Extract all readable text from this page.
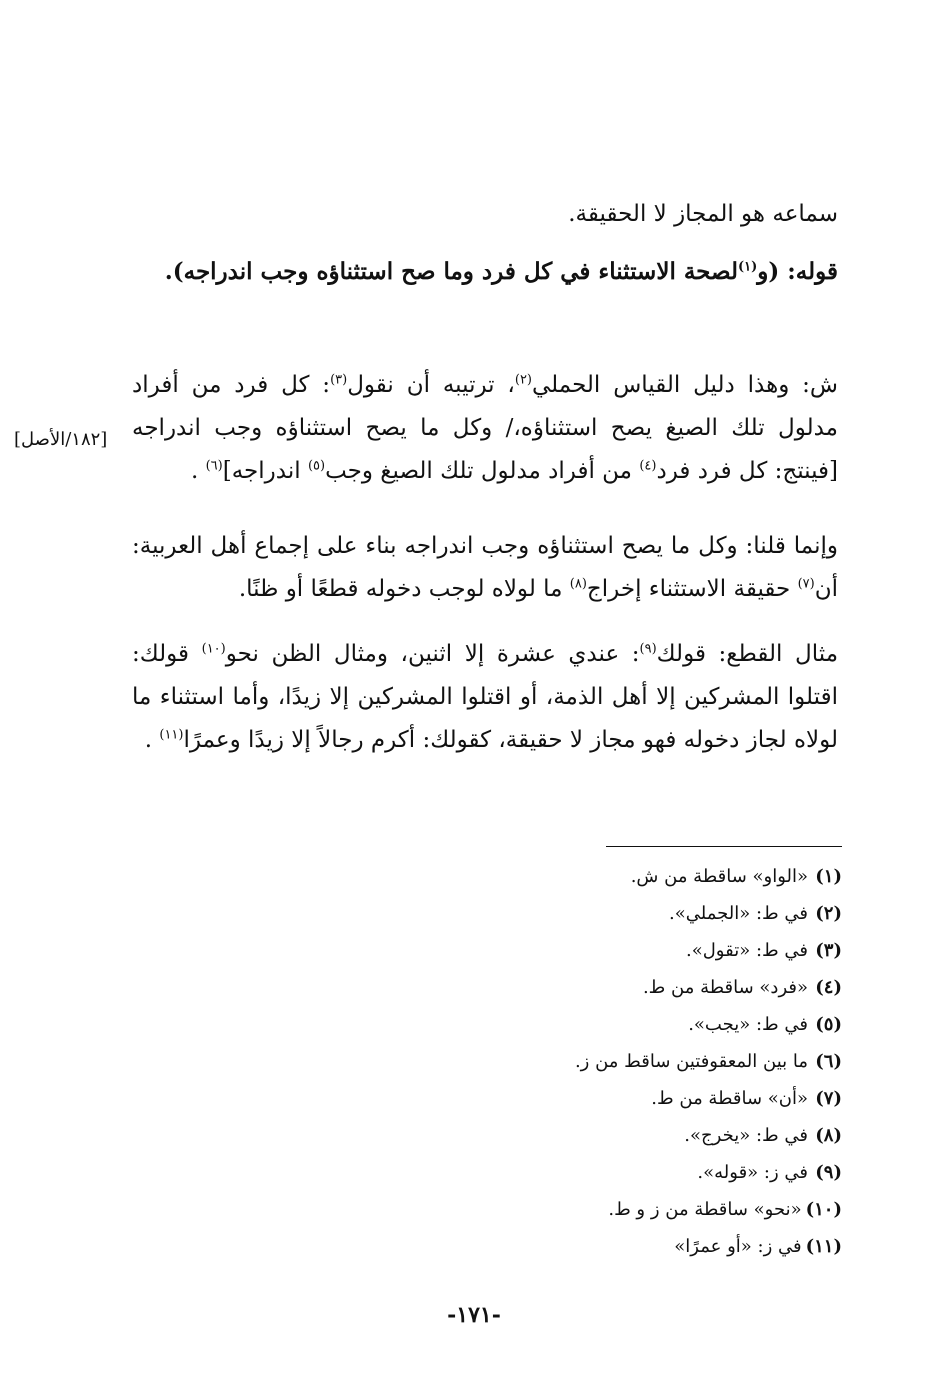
سماعه هو المجاز لا الحقيقة.

قوله: (و$^{(١)}$لصحة الاستثناء في كل فرد وما صح استثناؤه وجب اندراجه).

ش: وهذا دليل القياس الحملي$^{(٢)}$، ترتيبه أن نقول$^{(٣)}$: كل فرد من أفراد مدلول تلك الصيغ يصح استثناؤه،/ وكل ما يصح استثناؤه وجب اندراجه [فينتج: كل فرد فرد$^{(٤)}$ من أفراد مدلول تلك الصيغ وجب$^{(٥)}$ اندراجه]$^{(٦)}$ .

[١٨٢/الأصل]

وإنما قلنا: وكل ما يصح استثناؤه وجب اندراجه بناء على إجماع أهل العربية: أن$^{(٧)}$ حقيقة الاستثناء إخراج$^{(٨)}$ ما لولاه لوجب دخوله قطعًا أو ظنًا.

مثال القطع: قولك$^{(٩)}$: عندي عشرة إلا اثنين، ومثال الظن نحو$^{(١٠)}$ قولك: اقتلوا المشركين إلا أهل الذمة، أو اقتلوا المشركين إلا زيدًا، وأما استثناء ما لولاه لجاز دخوله فهو مجاز لا حقيقة، كقولك: أكرم رجالاً إلا زيدًا وعمرًا$^{(١١)}$ .

(١)«الواو» ساقطة من ش.
(٢)في ط: «الجملي».
(٣)في ط: «تقول».
(٤)«فرد» ساقطة من ط.
(٥)في ط: «يجب».
(٦)ما بين المعقوفتين ساقط من ز.
(٧)«أن» ساقطة من ط.
(٨)في ط: «يخرج».
(٩)في ز: «قوله».
(١٠)«نحو» ساقطة من ز و ط.
(١١)في ز: «أو عمرًا»
-١٧١-
